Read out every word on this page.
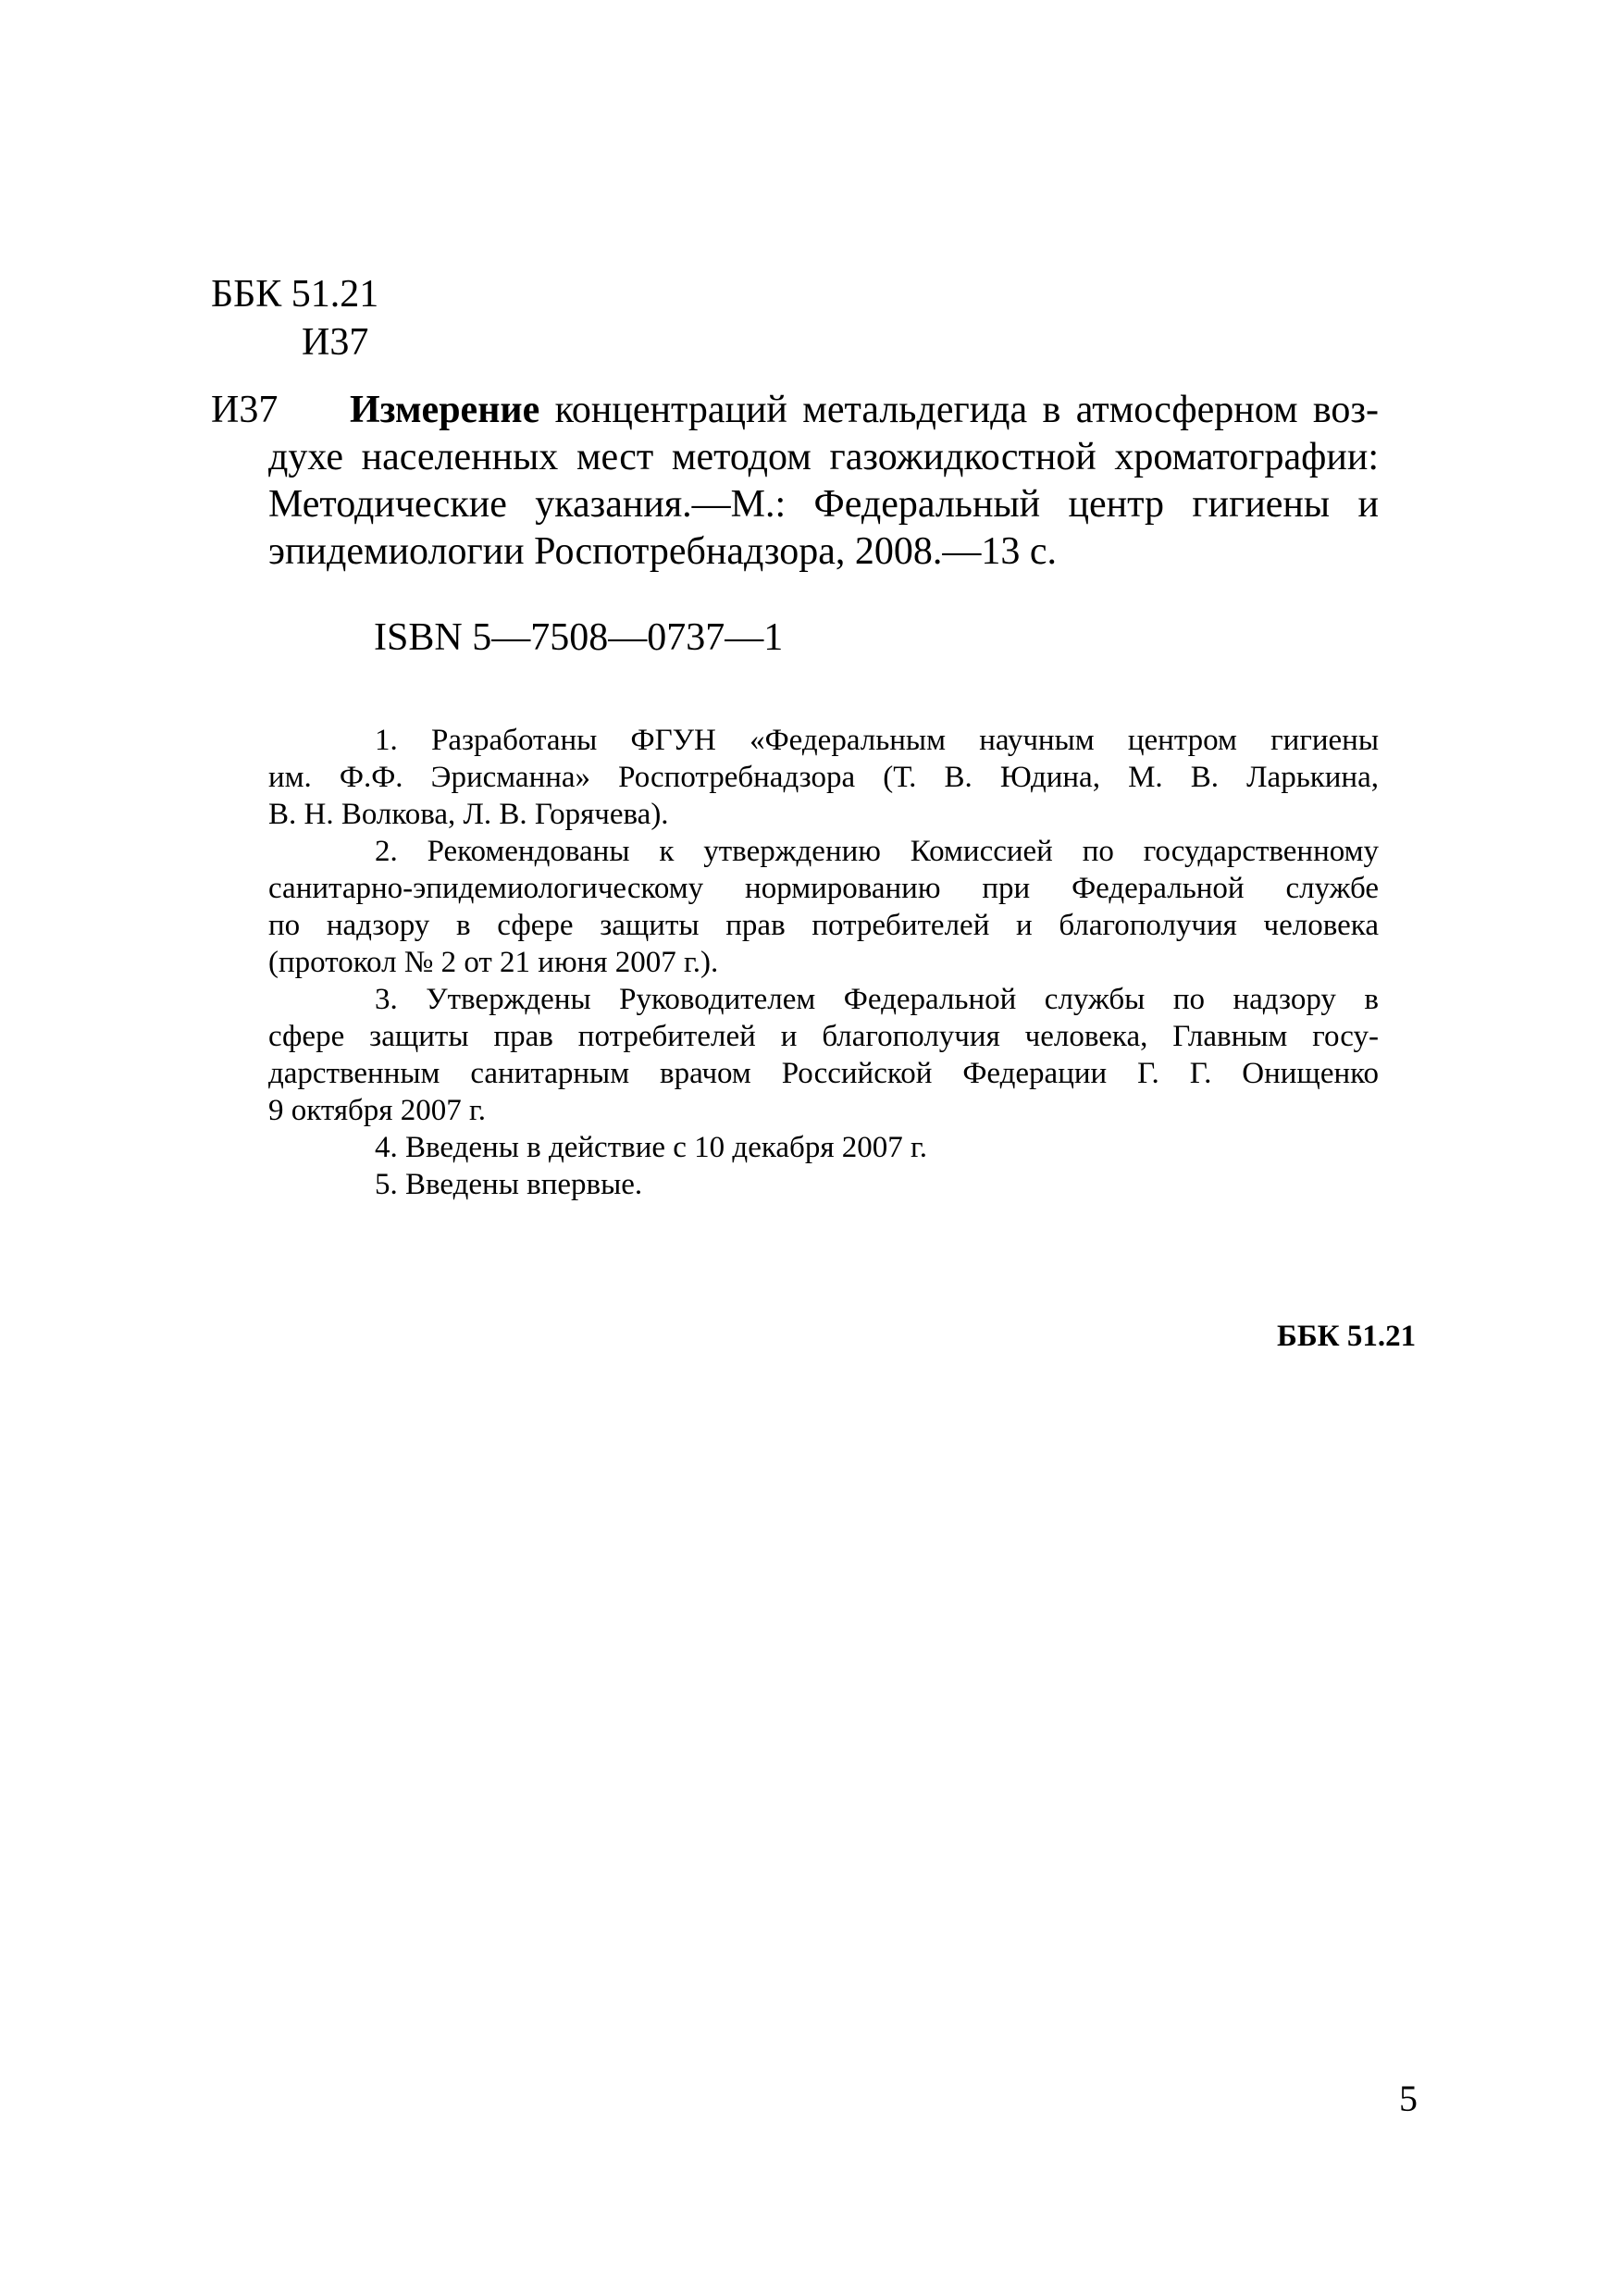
ББК 51.21
И37
И37	Измерение концентраций метальдегида в атмосферном воз-
духе населенных мест методом газожидкостной хроматографии:
Методические указания.—М.: Федеральный центр гигиены и
эпидемиологии Роспотребнадзора, 2008.—13 с.
ISBN 5—7508—0737—1
1. Разработаны ФГУН «Федеральным научным центром гигиены
им. Ф.Ф. Эрисманна» Роспотребнадзора (Т. В. Юдина, М. В. Ларькина,
В. Н. Волкова, Л. В. Горячева).
2. Рекомендованы к утверждению Комиссией по государственному
санитарно-эпидемиологическому нормированию при Федеральной службе
по надзору в сфере защиты прав потребителей и благополучия человека
(протокол № 2 от 21 июня 2007 г.).
3. Утверждены Руководителем Федеральной службы по надзору в
сфере защиты прав потребителей и благополучия человека, Главным госу-
дарственным санитарным врачом Российской Федерации Г. Г. Онищенко
9 октября 2007 г.
4. Введены в действие с 10 декабря 2007 г.
5. Введены впервые.
ББК 51.21
5
